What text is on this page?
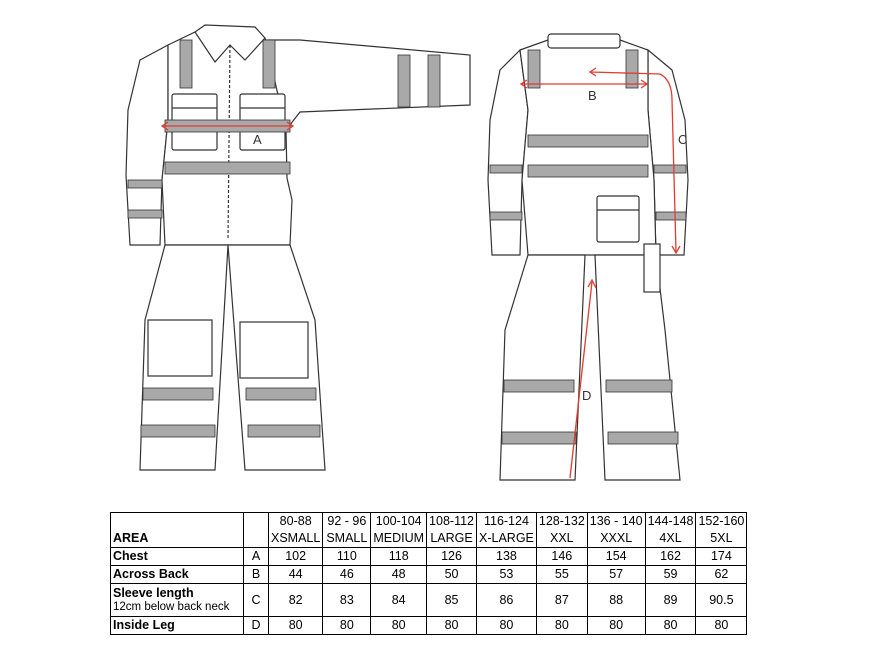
A
B
C
D
		80-88	92 - 96	100-104	108-112	116-124	128-132	136 - 140	144-148	152-160
AREA		XSMALL	SMALL	MEDIUM	LARGE	X-LARGE	XXL	XXXL	4XL	5XL
Chest	A	102	110	118	126	138	146	154	162	174
Across Back	B	44	46	48	50	53	55	57	59	62

Sleeve length
12cm below back neck	C	82	83	84	85	86	87	88	89	90.5
Inside Leg	D	80	80	80	80	80	80	80	80	80
